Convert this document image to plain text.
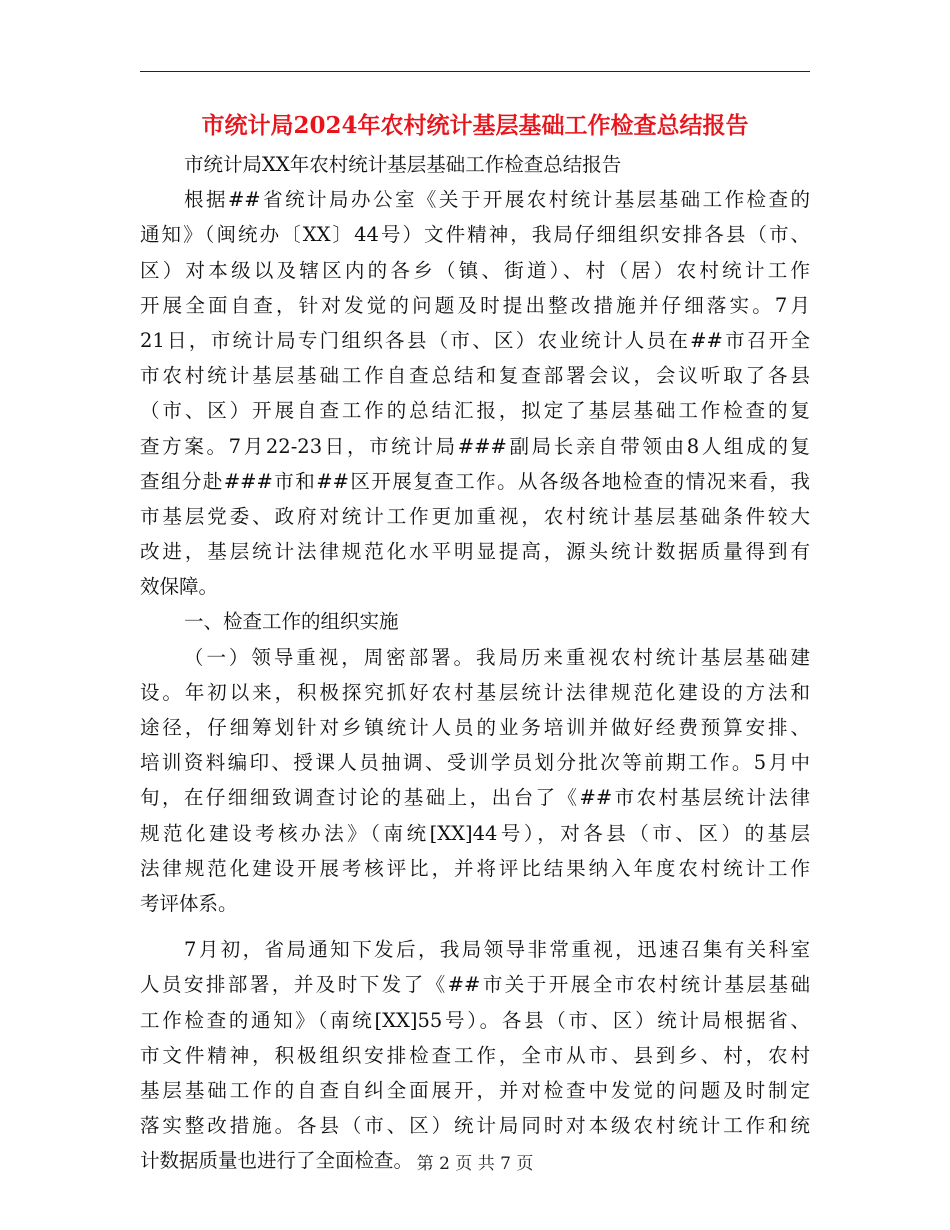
市统计局2024年农村统计基层基础工作检查总结报告
市统计局XX年农村统计基层基础工作检查总结报告
根据##省统计局办公室《关于开展农村统计基层基础工作检查的
通知》（闽统办〔XX〕44号）文件精神，我局仔细组织安排各县（市、
区）对本级以及辖区内的各乡（镇、街道）、村（居）农村统计工作
开展全面自查，针对发觉的问题及时提出整改措施并仔细落实。7月
21日，市统计局专门组织各县（市、区）农业统计人员在##市召开全
市农村统计基层基础工作自查总结和复查部署会议，会议听取了各县
（市、区）开展自查工作的总结汇报，拟定了基层基础工作检查的复
查方案。7月22-23日，市统计局###副局长亲自带领由8人组成的复
查组分赴###市和##区开展复查工作。从各级各地检查的情况来看，我
市基层党委、政府对统计工作更加重视，农村统计基层基础条件较大
改进，基层统计法律规范化水平明显提高，源头统计数据质量得到有
效保障。
一、检查工作的组织实施
（一）领导重视，周密部署。我局历来重视农村统计基层基础建
设。年初以来，积极探究抓好农村基层统计法律规范化建设的方法和
途径，仔细筹划针对乡镇统计人员的业务培训并做好经费预算安排、
培训资料编印、授课人员抽调、受训学员划分批次等前期工作。5月中
旬，在仔细细致调查讨论的基础上，出台了《##市农村基层统计法律
规范化建设考核办法》（南统[XX]44号），对各县（市、区）的基层
法律规范化建设开展考核评比，并将评比结果纳入年度农村统计工作
考评体系。
7月初，省局通知下发后，我局领导非常重视，迅速召集有关科室
人员安排部署，并及时下发了《##市关于开展全市农村统计基层基础
工作检查的通知》（南统[XX]55号）。各县（市、区）统计局根据省、
市文件精神，积极组织安排检查工作，全市从市、县到乡、村，农村
基层基础工作的自查自纠全面展开，并对检查中发觉的问题及时制定
落实整改措施。各县（市、区）统计局同时对本级农村统计工作和统
计数据质量也进行了全面检查。 第 2 页 共 7 页
